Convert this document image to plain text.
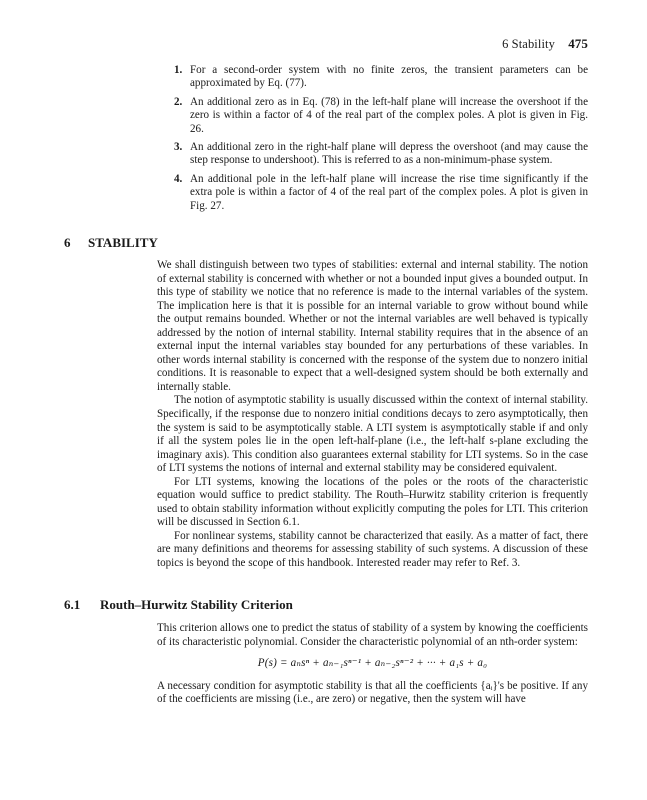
6 Stability 475
1. For a second-order system with no finite zeros, the transient parameters can be approximated by Eq. (77).
2. An additional zero as in Eq. (78) in the left-half plane will increase the overshoot if the zero is within a factor of 4 of the real part of the complex poles. A plot is given in Fig. 26.
3. An additional zero in the right-half plane will depress the overshoot (and may cause the step response to undershoot). This is referred to as a non-minimum-phase system.
4. An additional pole in the left-half plane will increase the rise time significantly if the extra pole is within a factor of 4 of the real part of the complex poles. A plot is given in Fig. 27.
6 STABILITY

We shall distinguish between two types of stabilities: external and internal stability. The notion of external stability is concerned with whether or not a bounded input gives a bounded output. In this type of stability we notice that no reference is made to the internal variables of the system. The implication here is that it is possible for an internal variable to grow without bound while the output remains bounded. Whether or not the internal variables are well behaved is typically addressed by the notion of internal stability. Internal stability requires that in the absence of an external input the internal variables stay bounded for any perturbations of these variables. In other words internal stability is concerned with the response of the system due to nonzero initial conditions. It is reasonable to expect that a well-designed system should be both externally and internally stable.

The notion of asymptotic stability is usually discussed within the context of internal stability. Specifically, if the response due to nonzero initial conditions decays to zero asymptotically, then the system is said to be asymptotically stable. A LTI system is asymptotically stable if and only if all the system poles lie in the open left-half-plane (i.e., the left-half s-plane excluding the imaginary axis). This condition also guarantees external stability for LTI systems. So in the case of LTI systems the notions of internal and external stability may be considered equivalent.

For LTI systems, knowing the locations of the poles or the roots of the characteristic equation would suffice to predict stability. The Routh–Hurwitz stability criterion is frequently used to obtain stability information without explicitly computing the poles for LTI. This criterion will be discussed in Section 6.1.

For nonlinear systems, stability cannot be characterized that easily. As a matter of fact, there are many definitions and theorems for assessing stability of such systems. A discussion of these topics is beyond the scope of this handbook. Interested reader may refer to Ref. 3.

6.1 Routh–Hurwitz Stability Criterion

This criterion allows one to predict the status of stability of a system by knowing the coefficients of its characteristic polynomial. Consider the characteristic polynomial of an nth-order system:

P(s) = aₙsⁿ + aₙ₋₁sⁿ⁻¹ + aₙ₋₂sⁿ⁻² + ··· + a₁s + a₀

A necessary condition for asymptotic stability is that all the coefficients {aᵢ}'s be positive. If any of the coefficients are missing (i.e., are zero) or negative, then the system will have
